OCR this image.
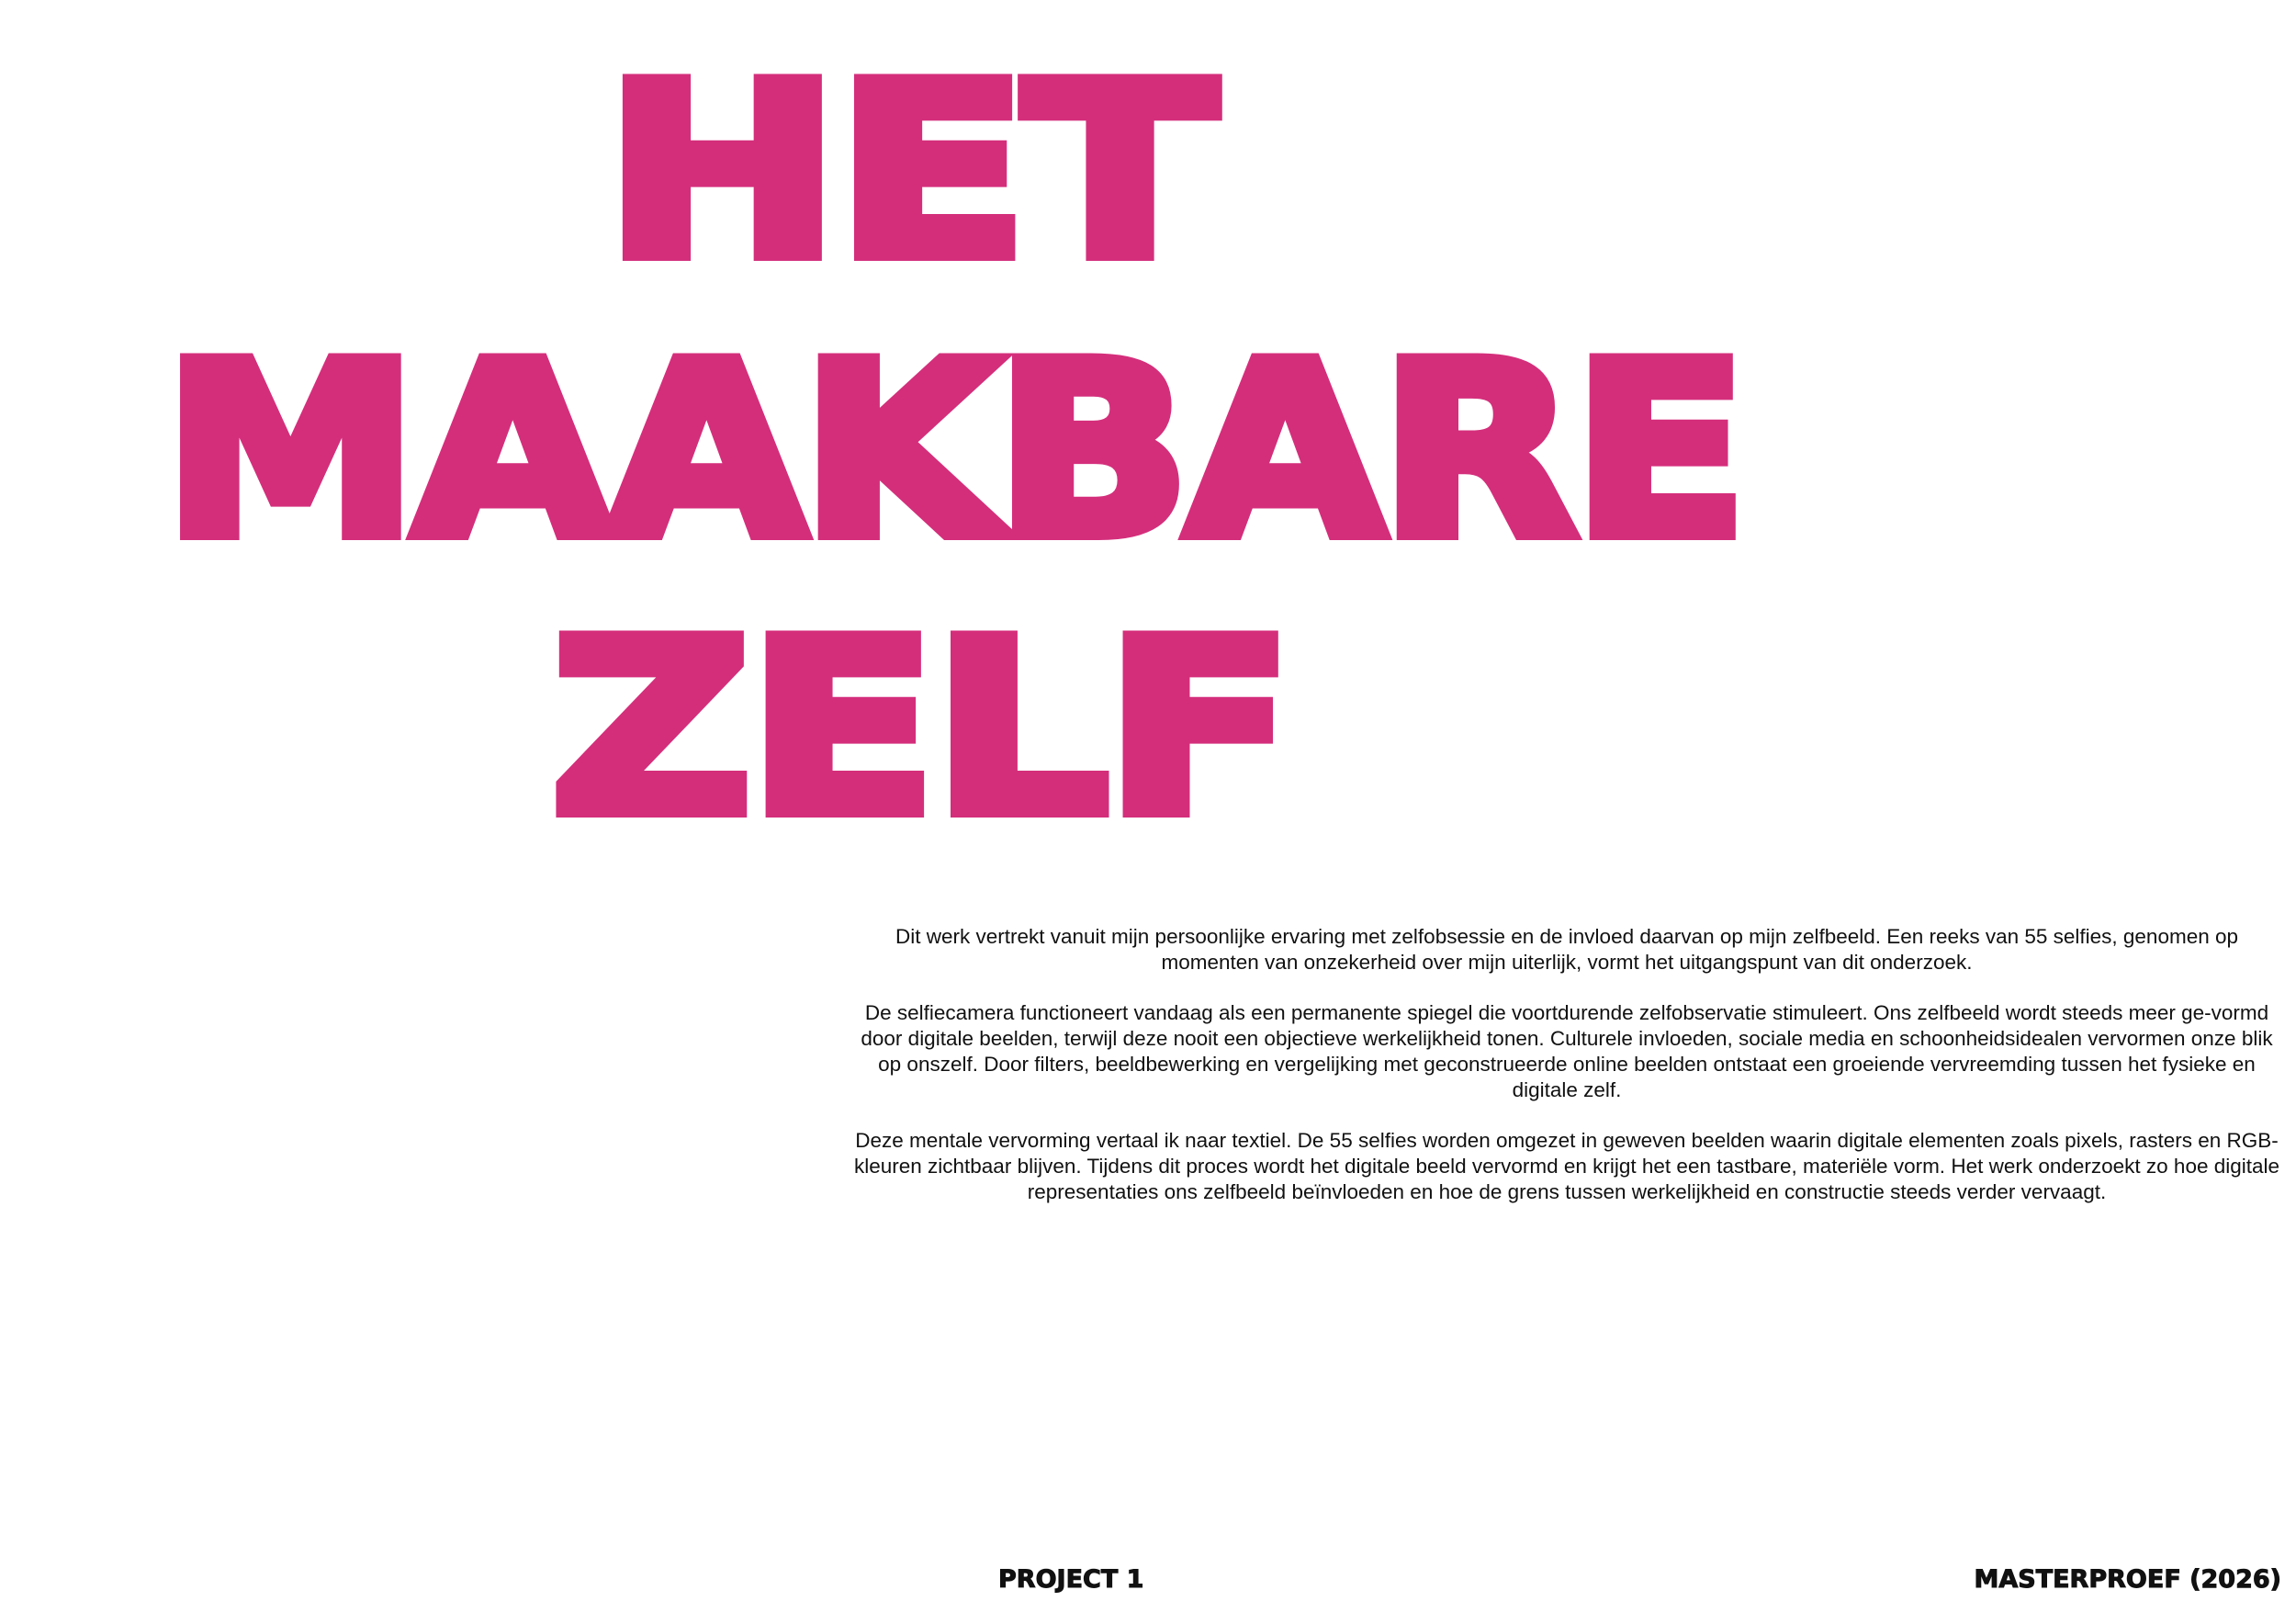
HET
MAAKBARE
ZELF

Dit werk vertrekt vanuit mijn persoonlijke ervaring met zelfobsessie en de invloed daarvan op mijn zelfbeeld. Een reeks van 55 selfies, genomen op momenten van onzekerheid over mijn uiterlijk, vormt het uitgangspunt van dit onderzoek.

De selfiecamera functioneert vandaag als een permanente spiegel die voortdurende zelfobservatie stimuleert. Ons zelfbeeld wordt steeds meer ge-vormd door digitale beelden, terwijl deze nooit een objectieve werkelijkheid tonen. Culturele invloeden, sociale media en schoonheidsidealen vervormen onze blik op onszelf. Door filters, beeldbewerking en vergelijking met geconstrueerde online beelden ontstaat een groeiende vervreemding tussen het fysieke en digitale zelf.

Deze mentale vervorming vertaal ik naar textiel. De 55 selfies worden omgezet in geweven beelden waarin digitale elementen zoals pixels, rasters en RGB-kleuren zichtbaar blijven. Tijdens dit proces wordt het digitale beeld vervormd en krijgt het een tastbare, materiële vorm. Het werk onderzoekt zo hoe digitale representaties ons zelfbeeld beïnvloeden en hoe de grens tussen werkelijkheid en constructie steeds verder vervaagt.

PROJECT 1	MASTERPROEF (2026)
